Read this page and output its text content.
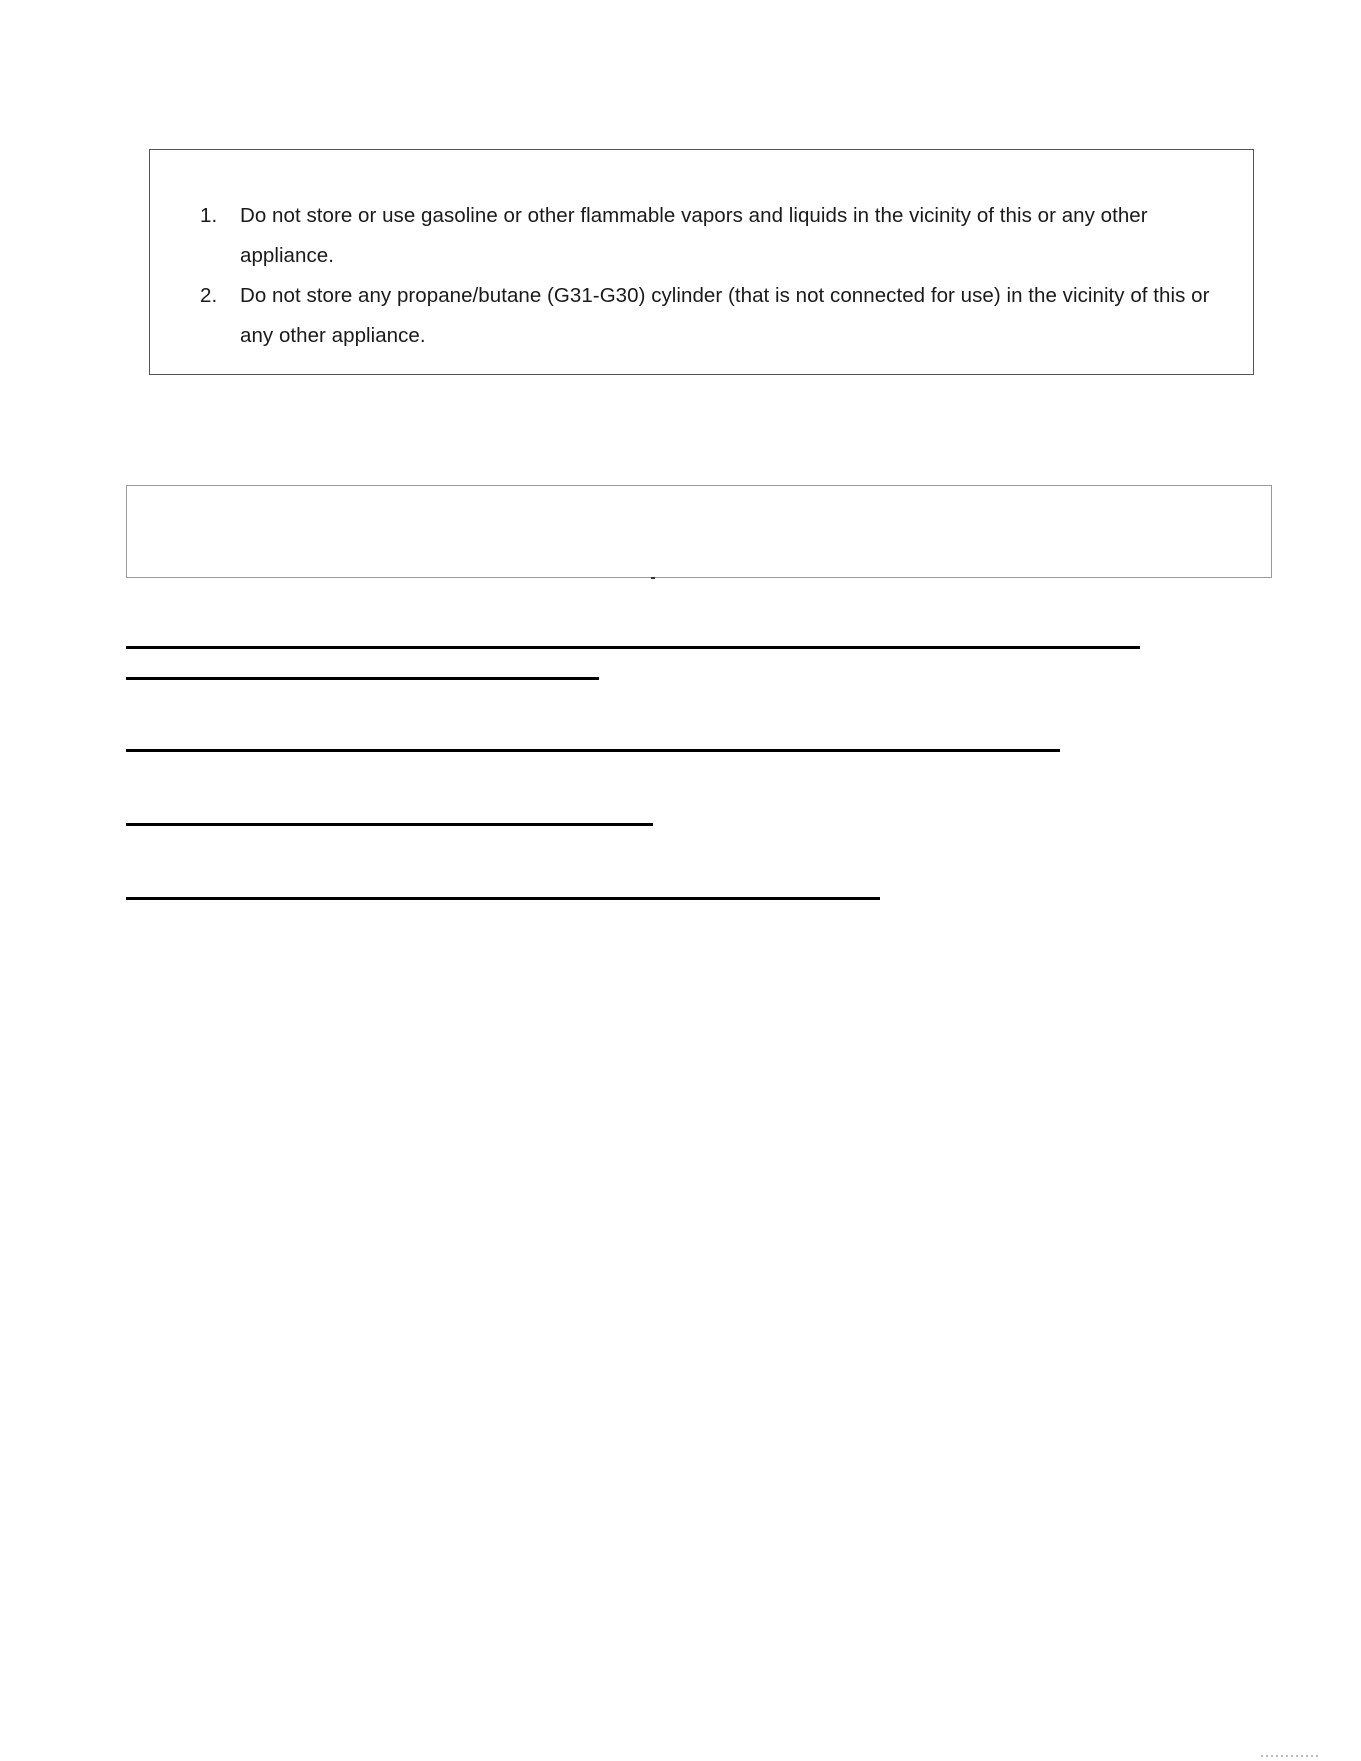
1. Do not store or use gasoline or other flammable vapors and liquids in the vicinity of this or any other appliance.
2. Do not store any propane/butane (G31-G30) cylinder (that is not connected for use) in the vicinity of this or any other appliance.
